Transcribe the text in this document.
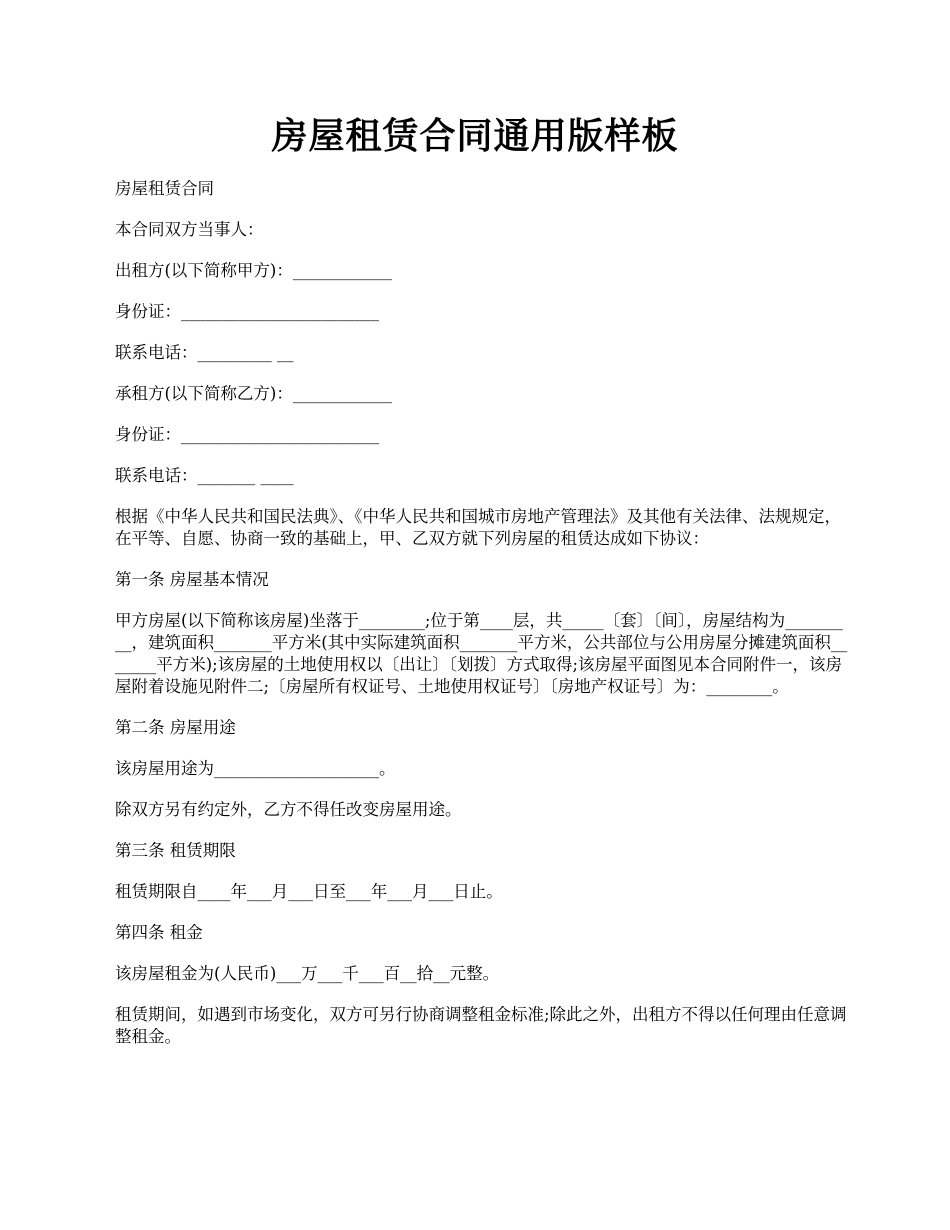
房屋租赁合同通用版样板

房屋租赁合同

本合同双方当事人：

出租方(以下简称甲方)：____________

身份证：________________________

联系电话：_________ __

承租方(以下简称乙方)：____________

身份证：________________________

联系电话：_______ ____

根据《中华人民共和国民法典》、《中华人民共和国城市房地产管理法》及其他有关法律、法规规定，在平等、自愿、协商一致的基础上，甲、乙双方就下列房屋的租赁达成如下协议：

第一条 房屋基本情况

甲方房屋(以下简称该房屋)坐落于________;位于第____层，共_____〔套〕〔间〕，房屋结构为_________，建筑面积_______平方米(其中实际建筑面积_______平方米，公共部位与公用房屋分摊建筑面积_______平方米);该房屋的土地使用权以〔出让〕〔划拨〕方式取得;该房屋平面图见本合同附件一，该房屋附着设施见附件二;〔房屋所有权证号、土地使用权证号〕〔房地产权证号〕为：________。

第二条 房屋用途

该房屋用途为____________________。

除双方另有约定外，乙方不得任改变房屋用途。

第三条 租赁期限

租赁期限自____年___月___日至___年___月___日止。

第四条 租金

该房屋租金为(人民币)___万___千___百__拾__元整。

租赁期间，如遇到市场变化，双方可另行协商调整租金标准;除此之外，出租方不得以任何理由任意调整租金。
